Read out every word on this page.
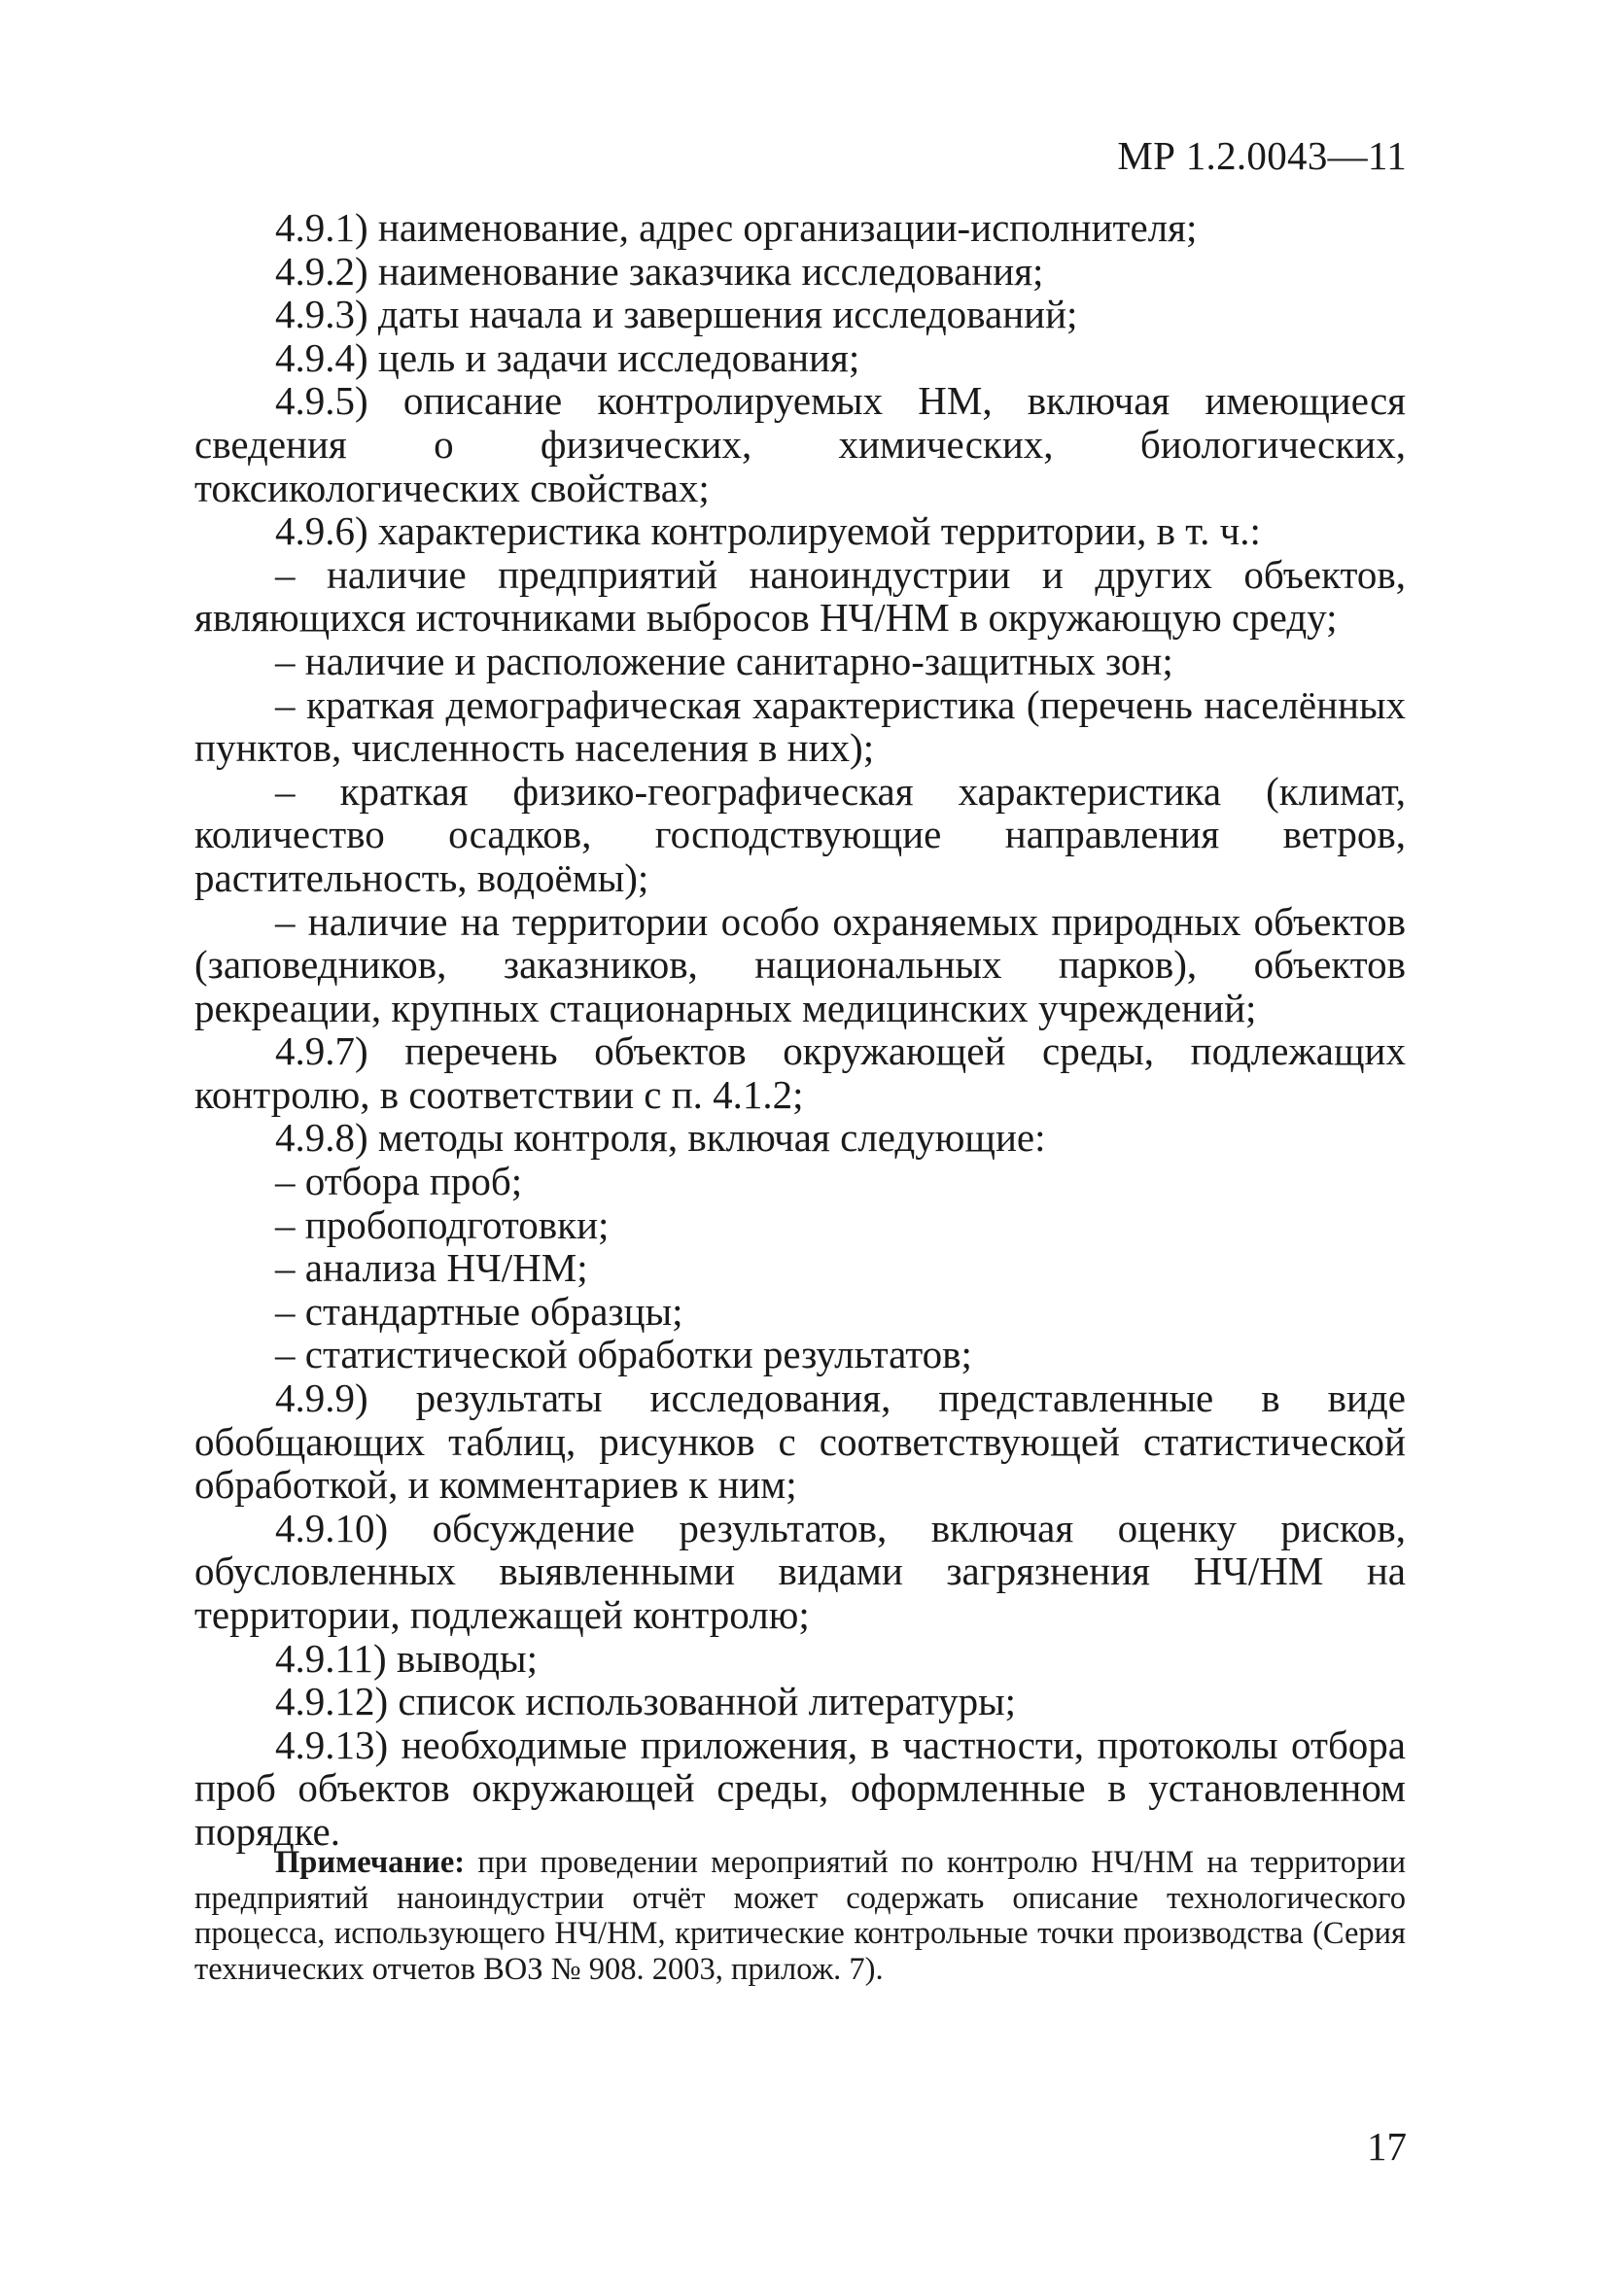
МР 1.2.0043—11

4.9.1) наименование, адрес организации-исполнителя;

4.9.2) наименование заказчика исследования;

4.9.3) даты начала и завершения исследований;

4.9.4) цель и задачи исследования;

4.9.5) описание контролируемых НМ, включая имеющиеся сведения о физических, химических, биологических, токсикологических свойствах;

4.9.6) характеристика контролируемой территории, в т. ч.:

– наличие предприятий наноиндустрии и других объектов, являющихся источниками выбросов НЧ/НМ в окружающую среду;

– наличие и расположение санитарно-защитных зон;

– краткая демографическая характеристика (перечень населённых пунктов, численность населения в них);

– краткая физико-географическая характеристика (климат, количество осадков, господствующие направления ветров, растительность, водоёмы);

– наличие на территории особо охраняемых природных объектов (заповедников, заказников, национальных парков), объектов рекреации, крупных стационарных медицинских учреждений;

4.9.7) перечень объектов окружающей среды, подлежащих контролю, в соответствии с п. 4.1.2;

4.9.8) методы контроля, включая следующие:

– отбора проб;

– пробоподготовки;

– анализа НЧ/НМ;

– стандартные образцы;

– статистической обработки результатов;

4.9.9) результаты исследования, представленные в виде обобщающих таблиц, рисунков с соответствующей статистической обработкой, и комментариев к ним;

4.9.10) обсуждение результатов, включая оценку рисков, обусловленных выявленными видами загрязнения НЧ/НМ на территории, подлежащей контролю;

4.9.11) выводы;

4.9.12) список использованной литературы;

4.9.13) необходимые приложения, в частности, протоколы отбора проб объектов окружающей среды, оформленные в установленном порядке.

Примечание: при проведении мероприятий по контролю НЧ/НМ на территории предприятий наноиндустрии отчёт может содержать описание технологического процесса, использующего НЧ/НМ, критические контрольные точки производства (Серия технических отчетов ВОЗ № 908. 2003, прилож. 7).

17
